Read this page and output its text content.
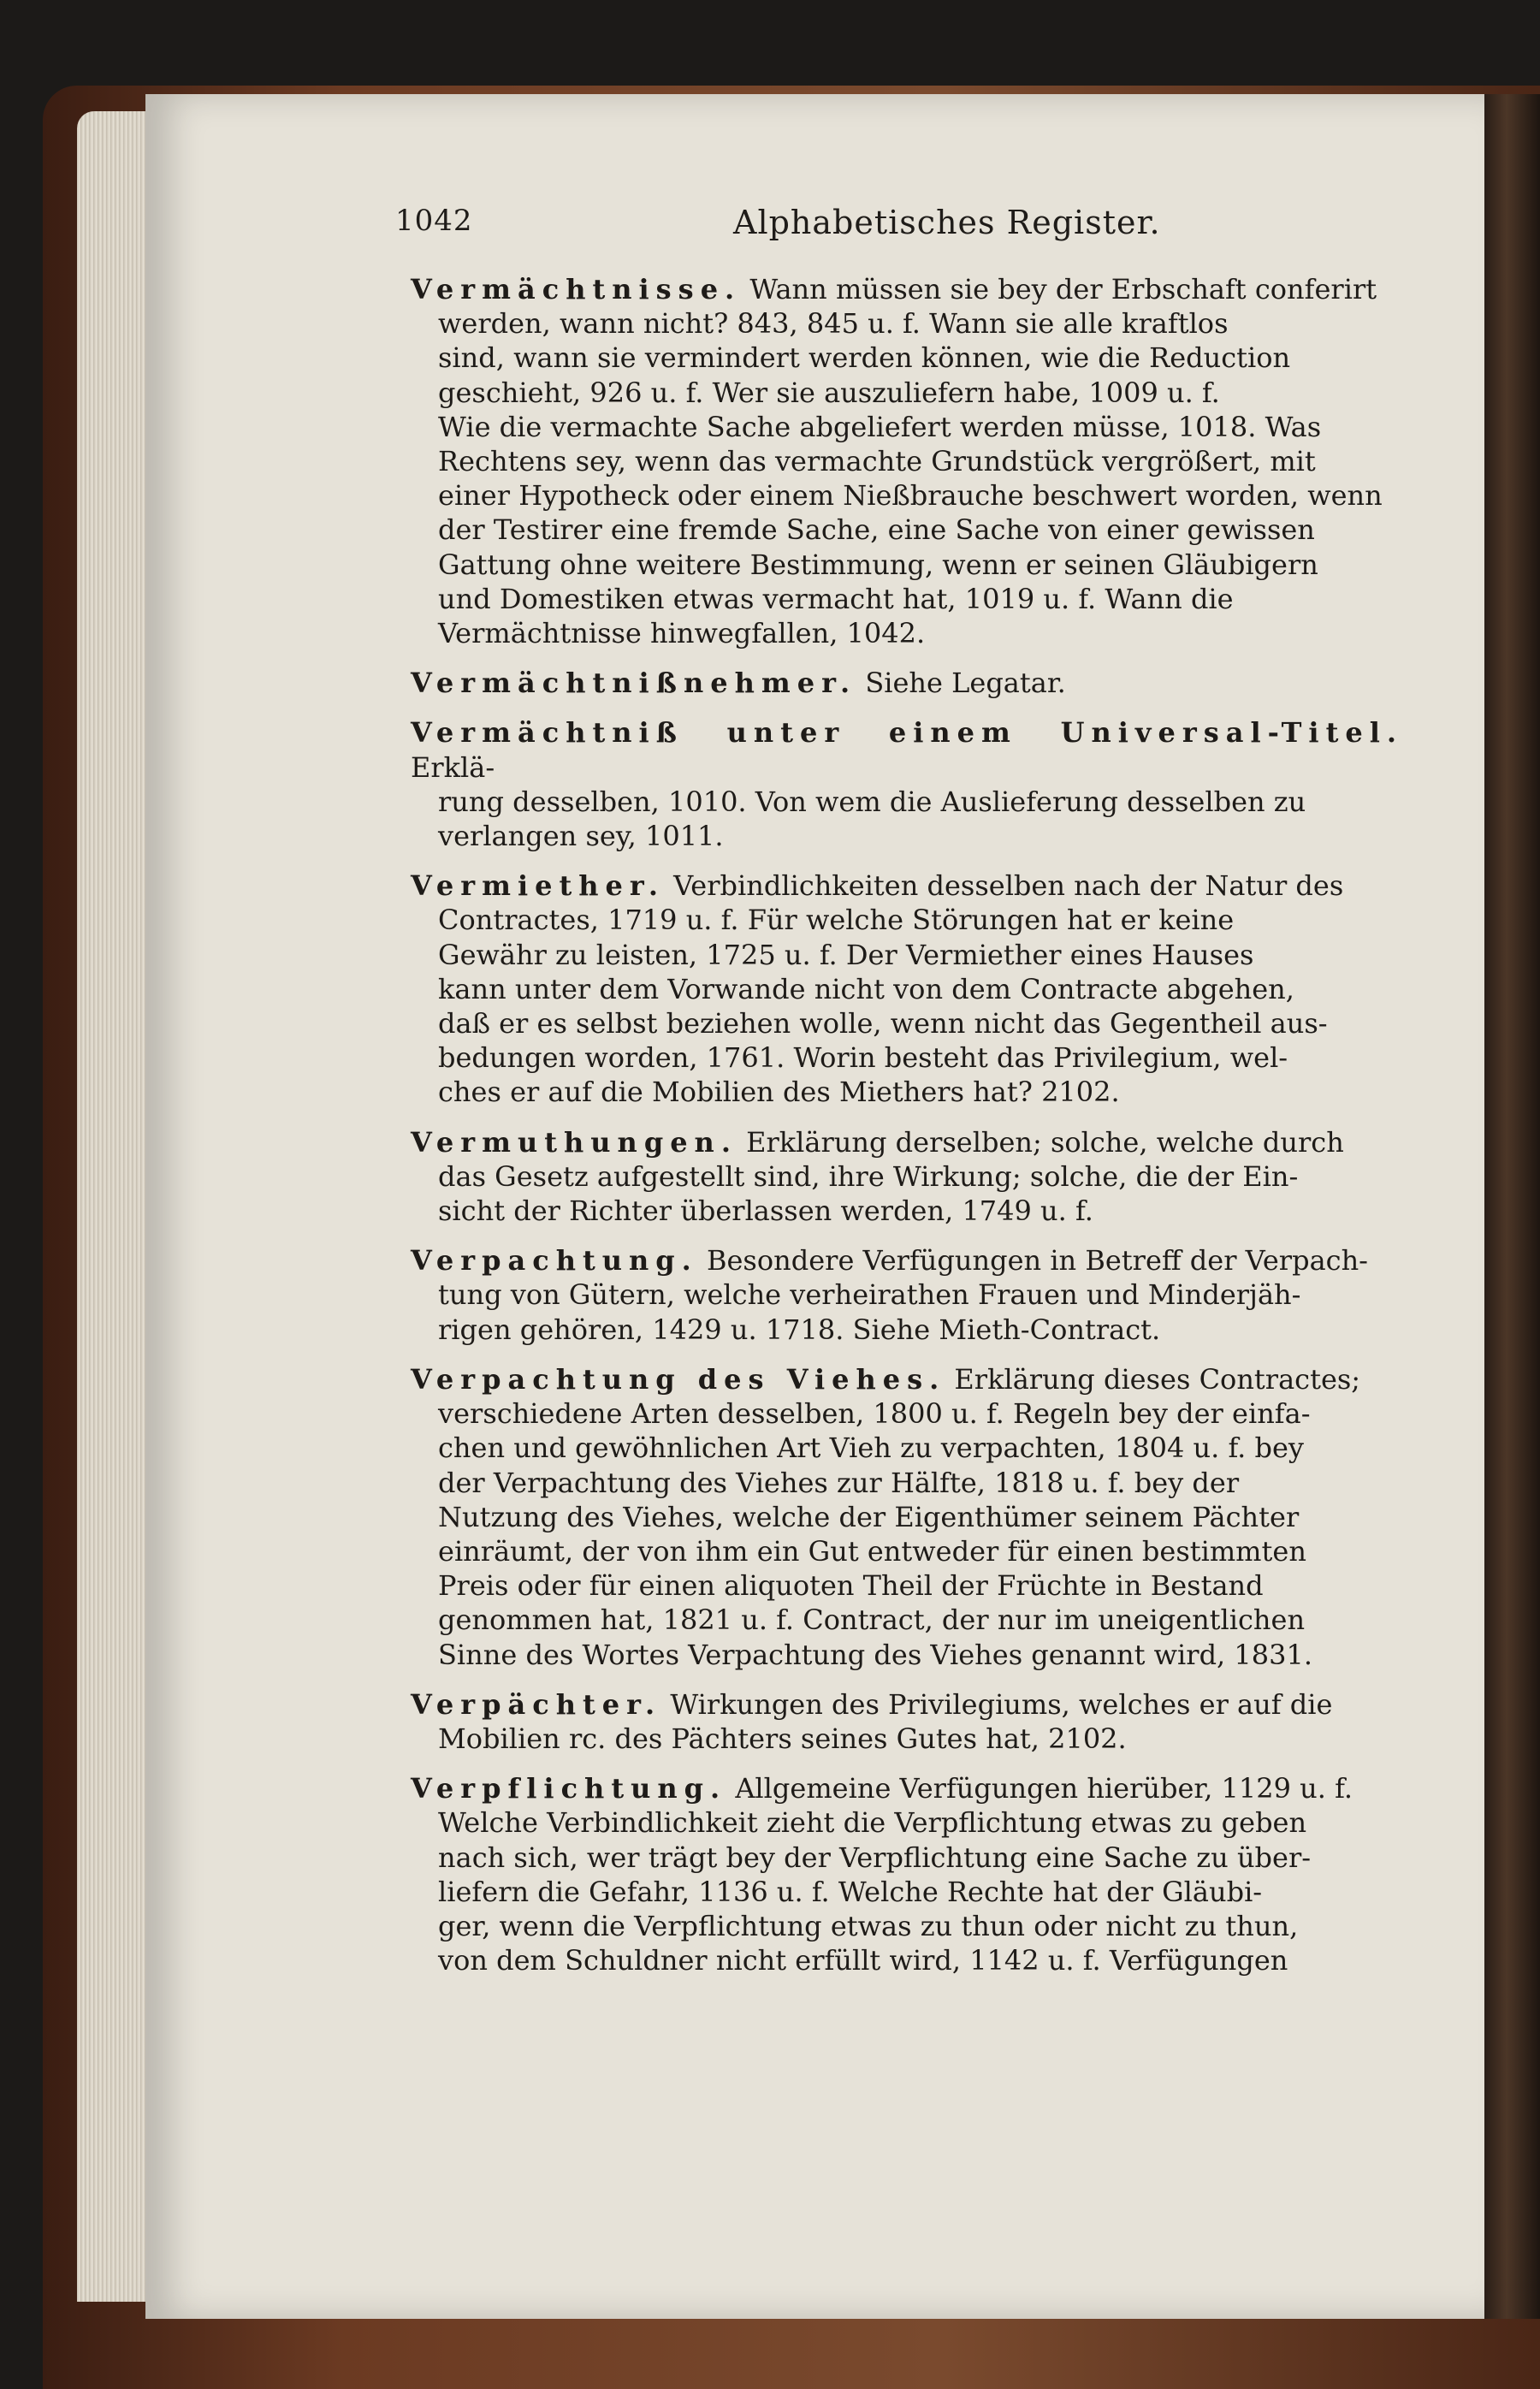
1042	Alphabetisches Register.

Vermächtnisse. Wann müssen sie bey der Erbschaft conferirt

werden, wann nicht? 843, 845 u. f. Wann sie alle kraftlos

sind, wann sie vermindert werden können, wie die Reduction

geschieht, 926 u. f. Wer sie auszuliefern habe, 1009 u. f.

Wie die vermachte Sache abgeliefert werden müsse, 1018. Was

Rechtens sey, wenn das vermachte Grundstück vergrößert, mit

einer Hypotheck oder einem Nießbrauche beschwert worden, wenn

der Testirer eine fremde Sache, eine Sache von einer gewissen

Gattung ohne weitere Bestimmung, wenn er seinen Gläubigern

und Domestiken etwas vermacht hat, 1019 u. f. Wann die

Vermächtnisse hinwegfallen, 1042.

Vermächtnißnehmer. Siehe Legatar.

Vermächtniß unter einem Universal-Titel. Erklä-

rung desselben, 1010. Von wem die Auslieferung desselben zu

verlangen sey, 1011.

Vermiether. Verbindlichkeiten desselben nach der Natur des

Contractes, 1719 u. f. Für welche Störungen hat er keine

Gewähr zu leisten, 1725 u. f. Der Vermiether eines Hauses

kann unter dem Vorwande nicht von dem Contracte abgehen,

daß er es selbst beziehen wolle, wenn nicht das Gegentheil aus-

bedungen worden, 1761. Worin besteht das Privilegium, wel-

ches er auf die Mobilien des Miethers hat? 2102.

Vermuthungen. Erklärung derselben; solche, welche durch

das Gesetz aufgestellt sind, ihre Wirkung; solche, die der Ein-

sicht der Richter überlassen werden, 1749 u. f.

Verpachtung. Besondere Verfügungen in Betreff der Verpach-

tung von Gütern, welche verheirathen Frauen und Minderjäh-

rigen gehören, 1429 u. 1718. Siehe Mieth-Contract.

Verpachtung des Viehes. Erklärung dieses Contractes;

verschiedene Arten desselben, 1800 u. f. Regeln bey der einfa-

chen und gewöhnlichen Art Vieh zu verpachten, 1804 u. f. bey

der Verpachtung des Viehes zur Hälfte, 1818 u. f. bey der

Nutzung des Viehes, welche der Eigenthümer seinem Pächter

einräumt, der von ihm ein Gut entweder für einen bestimmten

Preis oder für einen aliquoten Theil der Früchte in Bestand

genommen hat, 1821 u. f. Contract, der nur im uneigentlichen

Sinne des Wortes Verpachtung des Viehes genannt wird, 1831.

Verpächter. Wirkungen des Privilegiums, welches er auf die

Mobilien rc. des Pächters seines Gutes hat, 2102.

Verpflichtung. Allgemeine Verfügungen hierüber, 1129 u. f.

Welche Verbindlichkeit zieht die Verpflichtung etwas zu geben

nach sich, wer trägt bey der Verpflichtung eine Sache zu über-

liefern die Gefahr, 1136 u. f. Welche Rechte hat der Gläubi-

ger, wenn die Verpflichtung etwas zu thun oder nicht zu thun,

von dem Schuldner nicht erfüllt wird, 1142 u. f. Verfügungen
